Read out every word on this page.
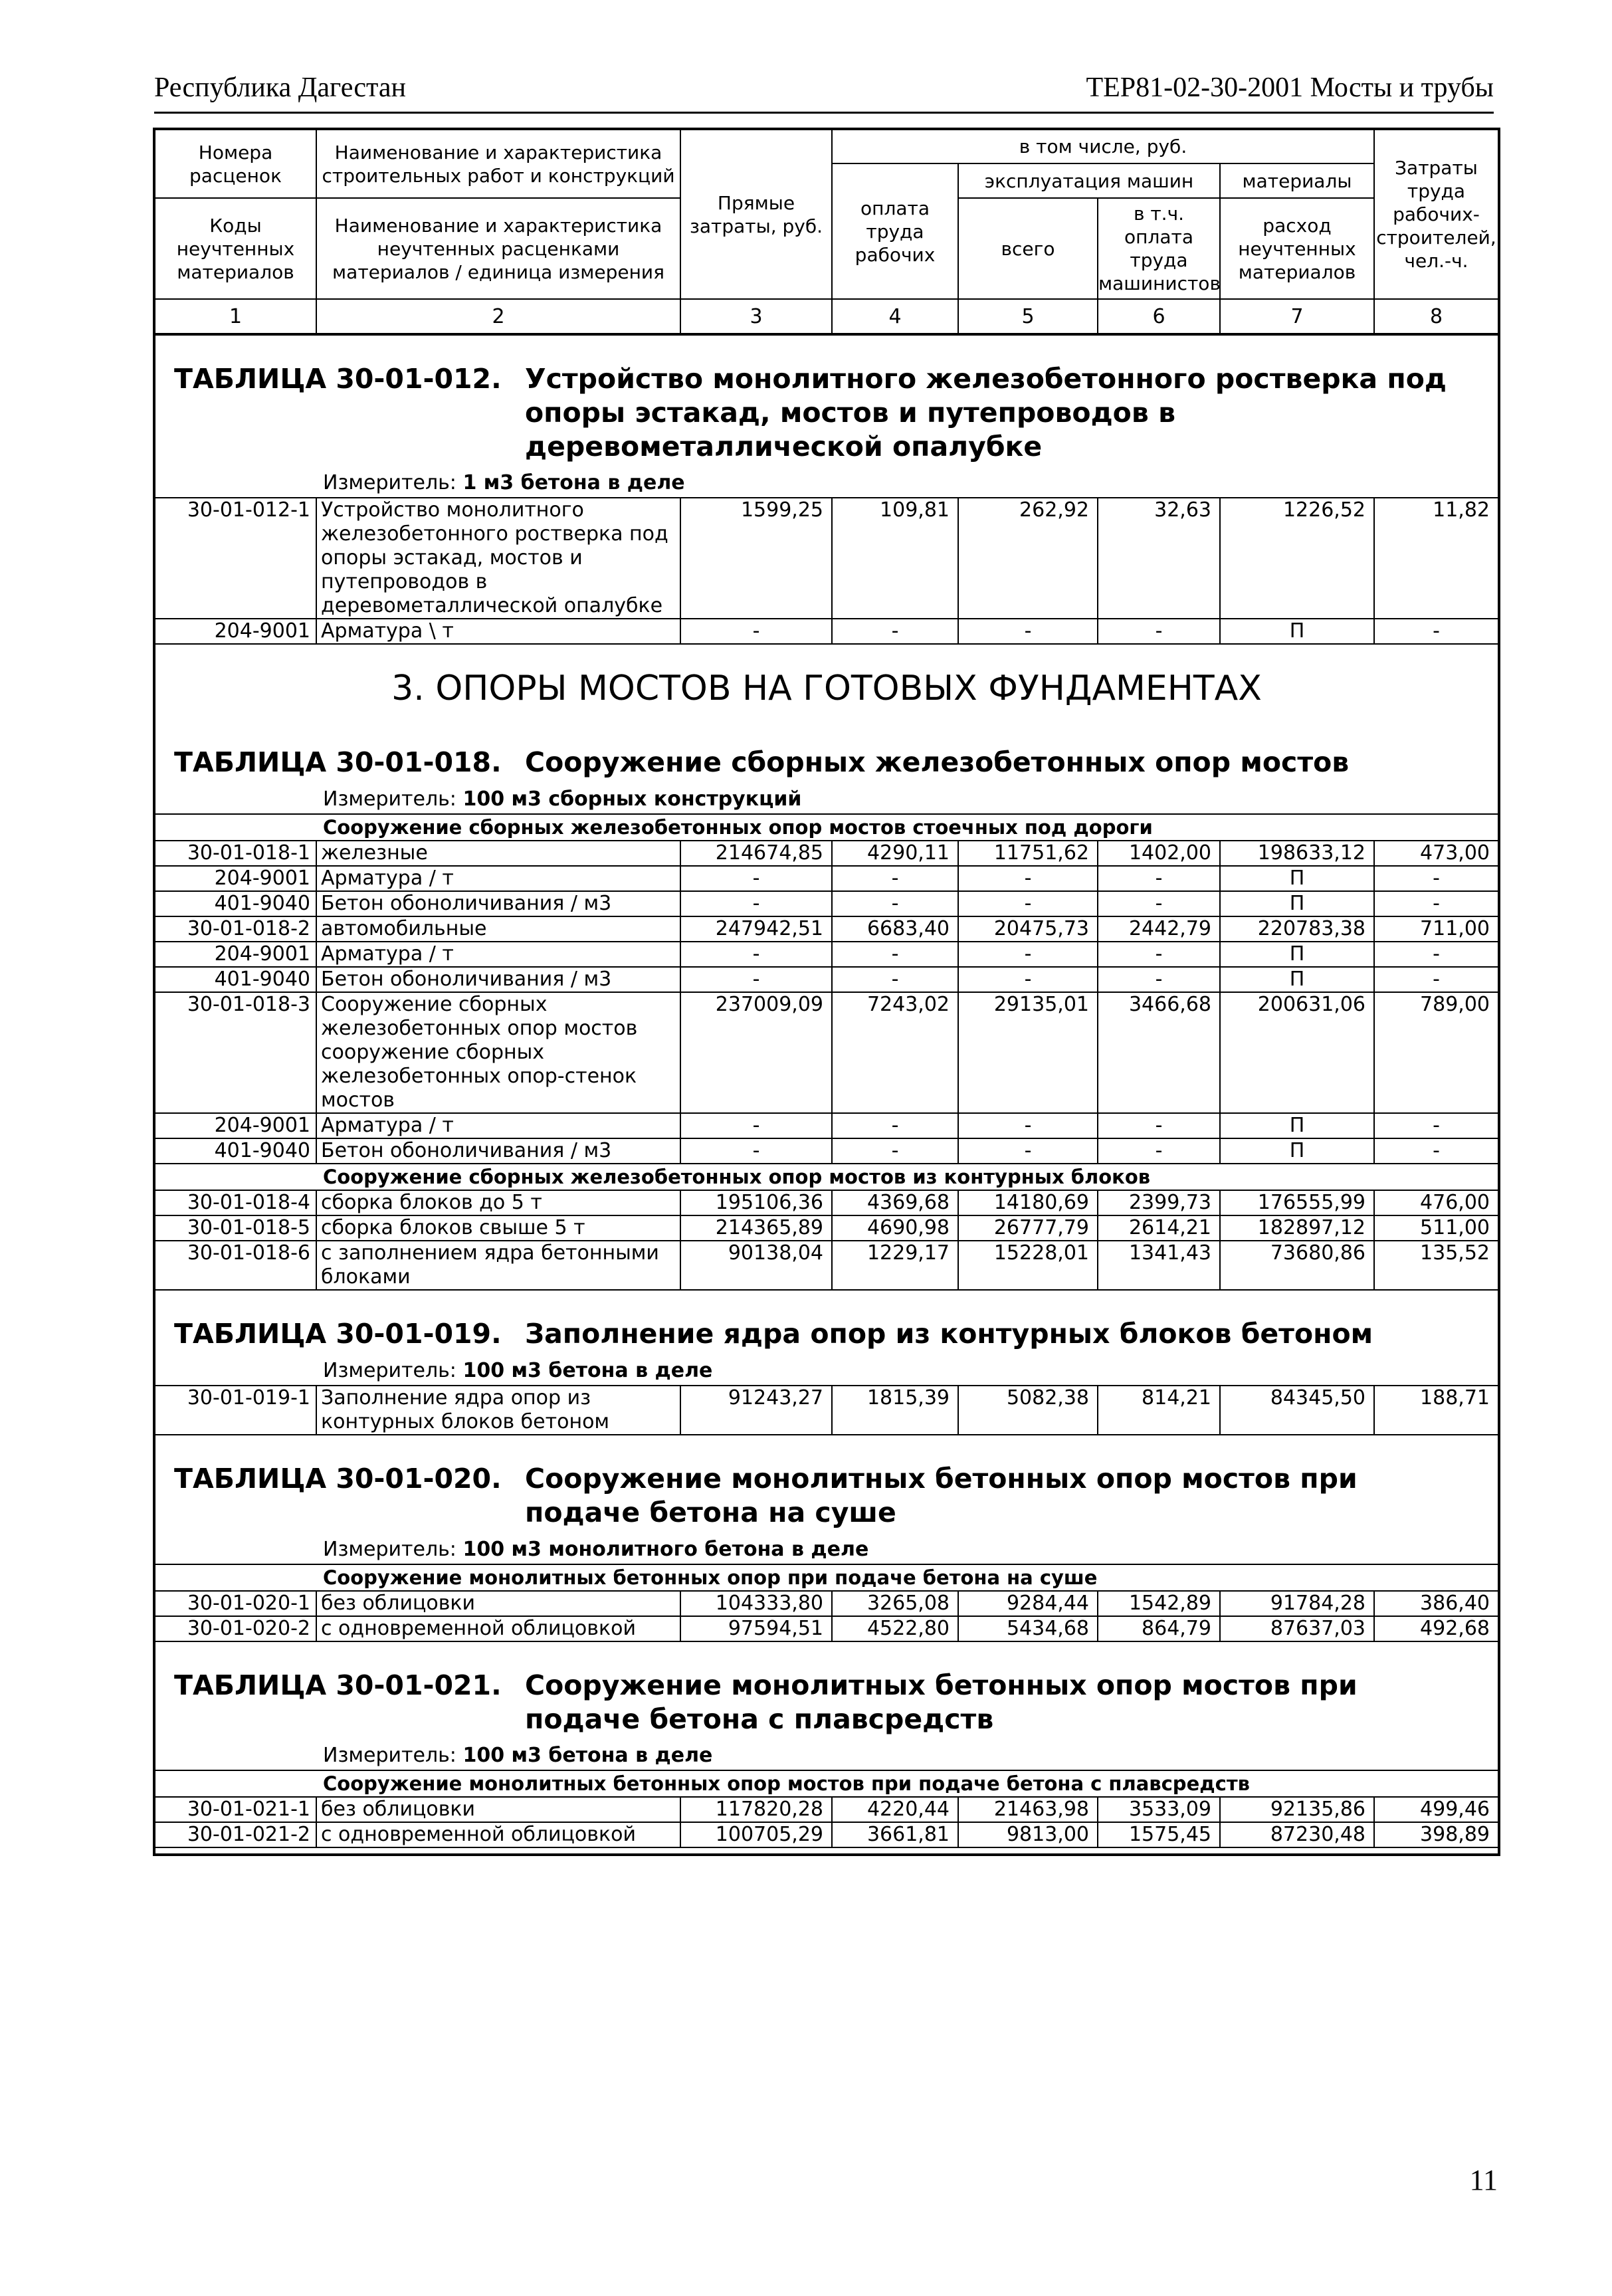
Республика Дагестан	ТЕР81-02-30-2001 Мосты и трубы
Номера расценок	Наименование и характеристика строительных работ и конструкций	Прямые затраты, руб.	в том числе, руб.				Затраты труда рабочих-строителей, чел.-ч.
			оплата труда рабочих	эксплуатация машин		материалы	
Коды неучтенных материалов	Наименование и характеристика неучтенных расценками материалов / единица измерения			всего	в т.ч. оплата труда машинистов	расход неучтенных материалов	

1	2	3	4	5	6	7	8

ТАБЛИЦА 30-01-012. Устройство монолитного железобетонного ростверка под опоры эстакад, мостов и путепроводов в деревометаллической опалубке							

Измеритель: 1 м3 бетона в деле							
30-01-012-1	Устройство монолитного железобетонного ростверка под опоры эстакад, мостов и путепроводов в деревометаллической опалубке	1599,25	109,81	262,92	32,63	1226,52	11,82
204-9001	Арматура \ т	-	-	-	-	П	-
3. ОПОРЫ МОСТОВ НА ГОТОВЫХ ФУНДАМЕНТАХ							

ТАБЛИЦА 30-01-018. Сооружение сборных железобетонных опор мостов							

Измеритель: 100 м3 сборных конструкций							
Сооружение сборных железобетонных опор мостов стоечных под дороги							
30-01-018-1	железные	214674,85	4290,11	11751,62	1402,00	198633,12	473,00
204-9001	Арматура / т	-	-	-	-	П	-
401-9040	Бетон обоноличивания / м3	-	-	-	-	П	-
30-01-018-2	автомобильные	247942,51	6683,40	20475,73	2442,79	220783,38	711,00
204-9001	Арматура / т	-	-	-	-	П	-
401-9040	Бетон обоноличивания / м3	-	-	-	-	П	-
30-01-018-3	Сооружение сборных железобетонных опор мостов сооружение сборных железобетонных опор-стенок мостов	237009,09	7243,02	29135,01	3466,68	200631,06	789,00
204-9001	Арматура / т	-	-	-	-	П	-
401-9040	Бетон обоноличивания / м3	-	-	-	-	П	-
Сооружение сборных железобетонных опор мостов из контурных блоков							
30-01-018-4	сборка блоков до 5 т	195106,36	4369,68	14180,69	2399,73	176555,99	476,00
30-01-018-5	сборка блоков свыше 5 т	214365,89	4690,98	26777,79	2614,21	182897,12	511,00
30-01-018-6	с заполнением ядра бетонными блоками	90138,04	1229,17	15228,01	1341,43	73680,86	135,52

ТАБЛИЦА 30-01-019. Заполнение ядра опор из контурных блоков бетоном							

Измеритель: 100 м3 бетона в деле							
30-01-019-1	Заполнение ядра опор из контурных блоков бетоном	91243,27	1815,39	5082,38	814,21	84345,50	188,71

ТАБЛИЦА 30-01-020. Сооружение монолитных бетонных опор мостов при подаче бетона на суше							

Измеритель: 100 м3 монолитного бетона в деле							
Сооружение монолитных бетонных опор при подаче бетона на суше							
30-01-020-1	без облицовки	104333,80	3265,08	9284,44	1542,89	91784,28	386,40
30-01-020-2	с одновременной облицовкой	97594,51	4522,80	5434,68	864,79	87637,03	492,68

ТАБЛИЦА 30-01-021. Сооружение монолитных бетонных опор мостов при подаче бетона с плавсредств							

Измеритель: 100 м3 бетона в деле							
Сооружение монолитных бетонных опор мостов при подаче бетона с плавсредств							
30-01-021-1	без облицовки	117820,28	4220,44	21463,98	3533,09	92135,86	499,46
30-01-021-2	с одновременной облицовкой	100705,29	3661,81	9813,00	1575,45	87230,48	398,89

11
